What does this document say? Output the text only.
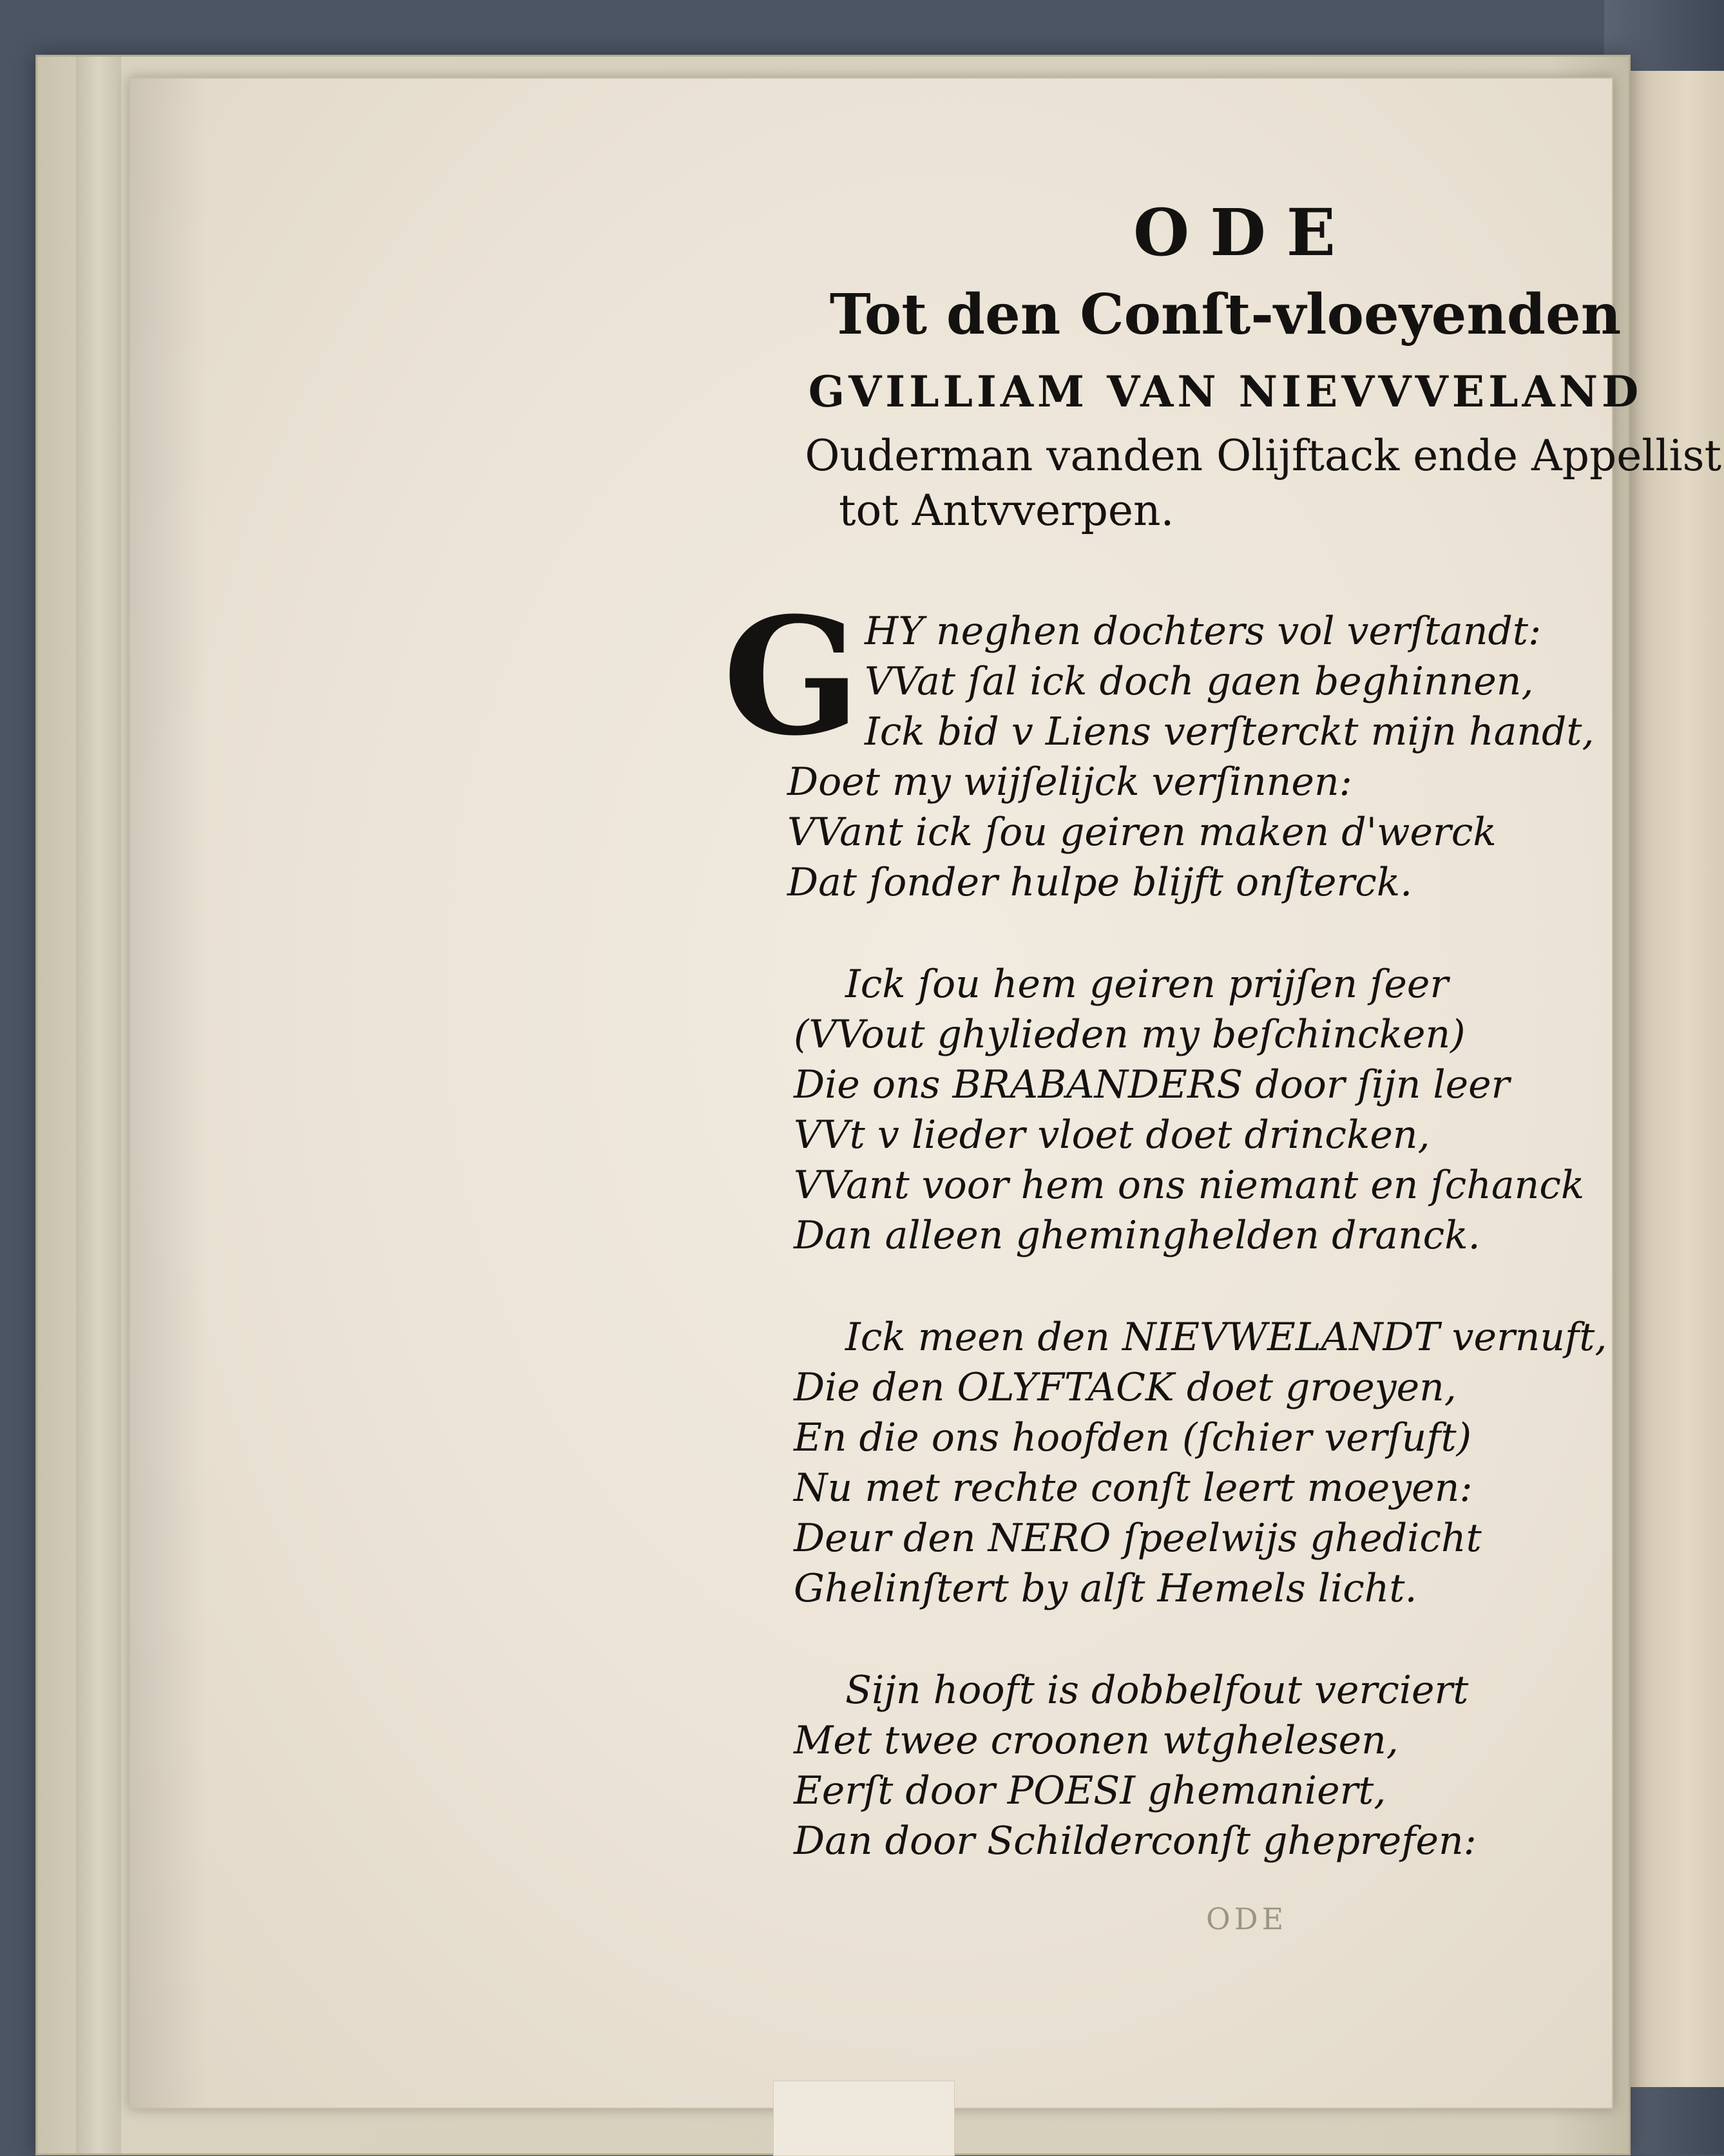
ODE
Tot den Conſt-vloeyenden
GVILLIAM VAN NIEVVVELAND
Ouderman vanden Olijftack ende Appellist
tot Antvverpen.
G HY neghen dochters vol verſtandt:
VVat ſal ick doch gaen beghinnen,
Ick bid v Liens verſterckt mijn handt,
Doet my wijſelijck verſinnen:
VVant ick ſou geiren maken d'werck
Dat ſonder hulpe blijft onſterck.
Ick ſou hem geiren prijſen ſeer
(VVout ghylieden my beſchincken)
Die ons BRABANDERS door ſijn leer
VVt v lieder vloet doet drincken,
VVant voor hem ons niemant en ſchanck
Dan alleen gheminghelden dranck.
Ick meen den NIEVWELANDT vernuft,
Die den OLYFTACK doet groeyen,
En die ons hoofden (ſchier verſuft)
Nu met rechte conſt leert moeyen:
Deur den NERO ſpeelwijs ghedicht
Ghelinſtert by alſt Hemels licht.
Sijn hooft is dobbelfout verciert
Met twee croonen wtghelesen,
Eerſt door POESI ghemaniert,
Dan door Schilderconſt gheprefen:
ODE
